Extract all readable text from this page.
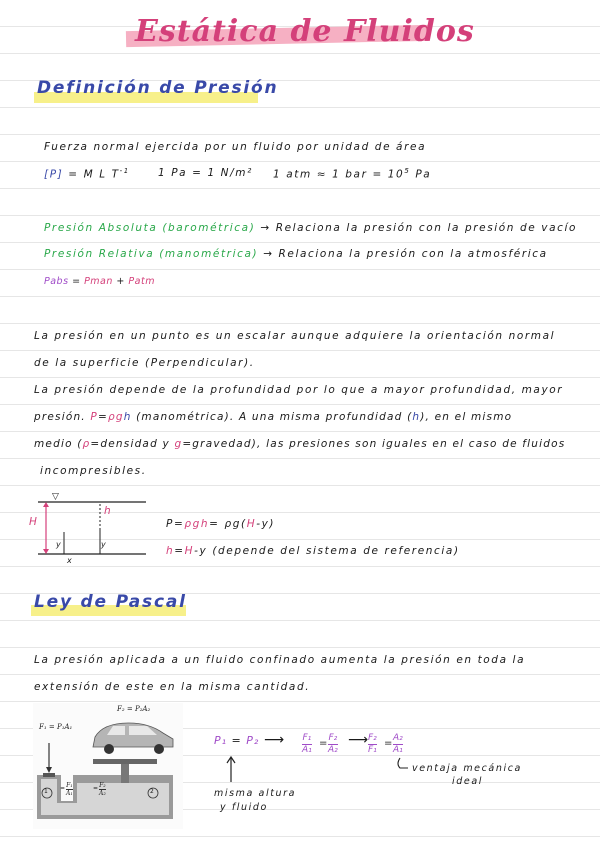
Estática de Fluidos
Definición de Presión
Fuerza normal ejercida por un fluido por unidad de área
[P] = M L $T^{-1}$	1 Pa = 1 N/m² 1 atm ≈ 1 bar = $10^5$ Pa
Presión Absoluta (barométrica) → Relaciona la presión con la presión de vacío
Presión Relativa (manométrica) → Relaciona la presión con la atmosférica
Pabs = Pman + Patm
La presión en un punto es un escalar aunque adquiere la orientación normal
de la superficie (Perpendicular).
La presión depende de la profundidad por lo que a mayor profundidad, mayor
presión. P=ρgh (manométrica). A una misma profundidad (h), en el mismo
medio (ρ=densidad y g=gravedad), las presiones son iguales en el caso de fluidos
incompresibles.
▽
H
h
y	y
x
P=ρgh= ρg(H-y)
h=H-y (depende del sistema de referencia)
Ley de Pascal
La presión aplicada a un fluido confinado aumenta la presión en toda la
extensión de este en la misma cantidad.
F₁ = P₁A₁
F₂ = P₂A₂
$\frac{\text{F₁}}{\text{A₁}}$
=	$\frac{\text{F₂}}{\text{A₂}}$
=
1	2
P₁ = P₂ ⟶ F₁
A₁
= F₂
A₂
⟶ F₂
F₁
= A₂
A₁
misma altura
y fluido
ventaja mecánica
ideal
